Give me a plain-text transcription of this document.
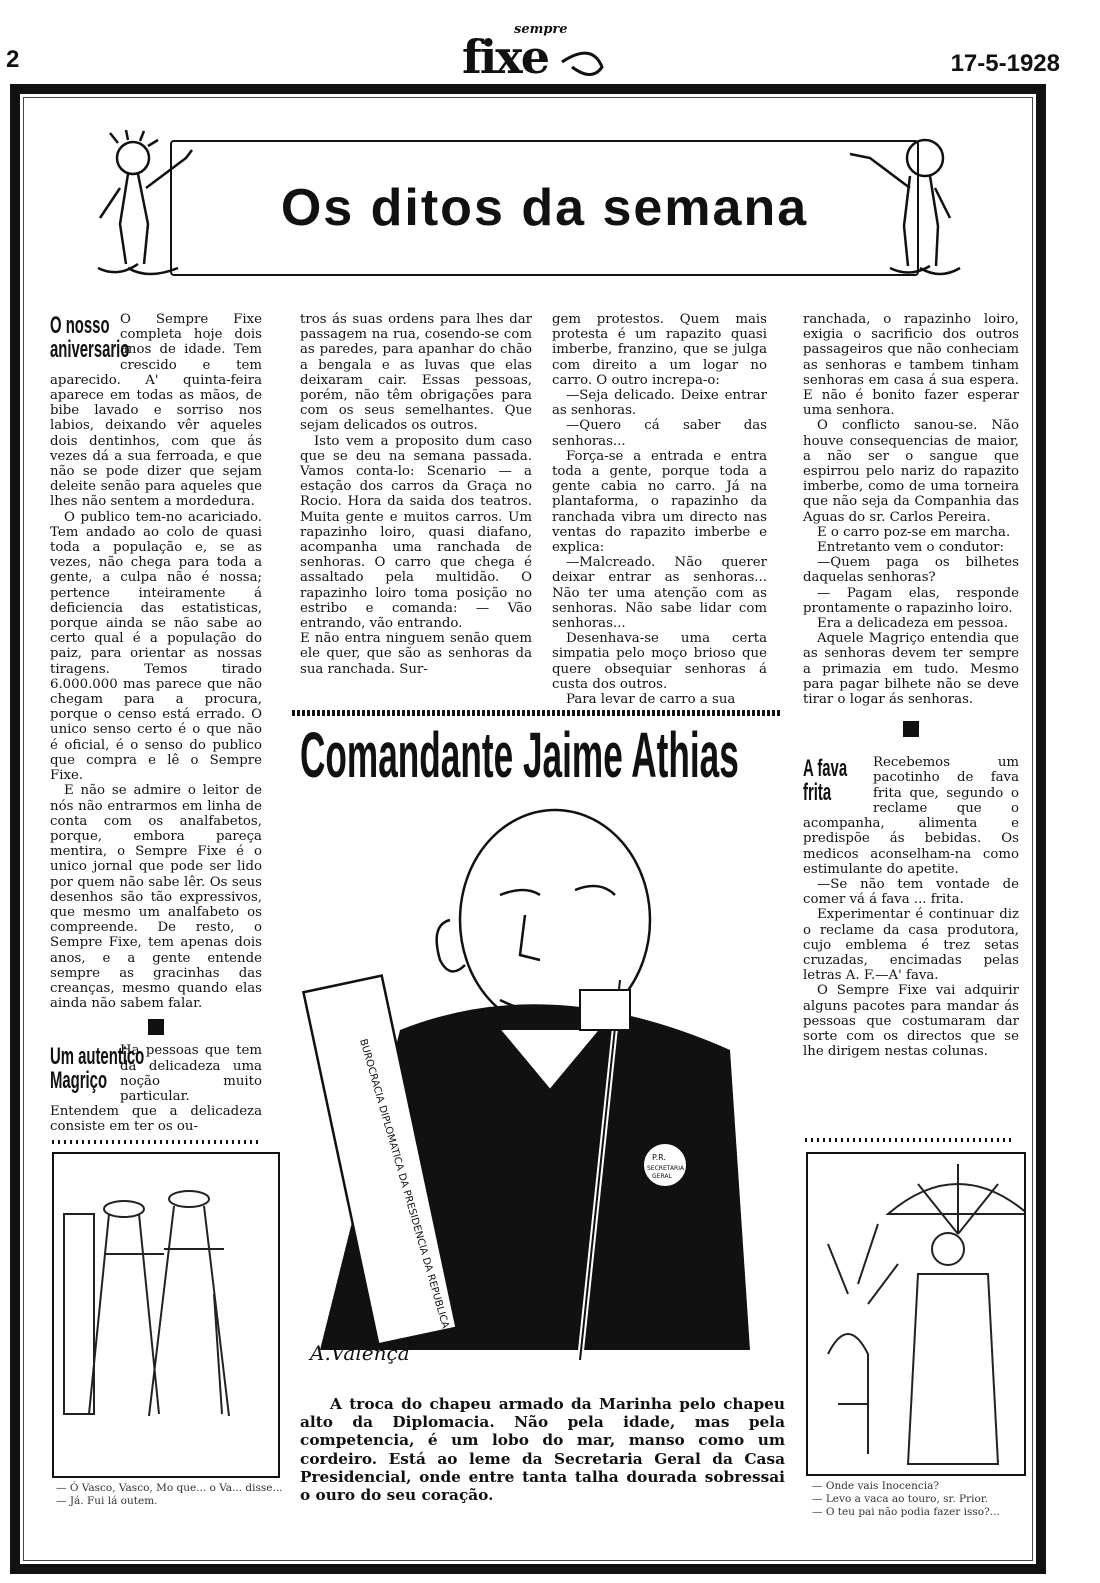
2
sempre
fixe	17-5-1928
Os ditos da semana
O nosso
aniversario

O Sempre Fixe completa hoje dois anos de idade. Tem crescido e tem aparecido. A' quinta-feira aparece em todas as mãos, de bibe lavado e sorriso nos labios, deixando vêr aqueles dois dentinhos, com que ás vezes dá a sua ferroada, e que não se pode dizer que sejam deleite senão para aqueles que lhes não sentem a mordedura.

O publico tem-no acariciado. Tem andado ao colo de quasi toda a população e, se as vezes, não chega para toda a gente, a culpa não é nossa; pertence inteiramente á deficiencia das estatisticas, porque ainda se não sabe ao certo qual é a população do paiz, para orientar as nossas tiragens. Temos tirado 6.000.000 mas parece que não chegam para a procura, porque o censo está errado. O unico senso certo é o que não é oficial, é o senso do publico que compra e lê o Sempre Fixe.

E não se admire o leitor de nós não entrarmos em linha de conta com os analfabetos, porque, embora pareça mentira, o Sempre Fixe é o unico jornal que pode ser lido por quem não sabe lêr. Os seus desenhos são tão expressivos, que mesmo um analfabeto os compreende. De resto, o Sempre Fixe, tem apenas dois anos, e a gente entende sempre as gracinhas das creanças, mesmo quando elas ainda não sabem falar.

Um autentico
Magriço

Ha pessoas que tem da delicadeza uma noção muito particular. Entendem que a delicadeza consiste em ter os ou-

— Ó Vasco, Vasco, Mo que... o Va... disse...
— Já. Fui lá outem.

tros ás suas ordens para lhes dar passagem na rua, cosendo-se com as paredes, para apanhar do chão a bengala e as luvas que elas deixaram cair. Essas pessoas, porém, não têm obrigações para com os seus semelhantes. Que sejam delicados os outros.

Isto vem a proposito dum caso que se deu na semana passada. Vamos conta-lo: Scenario — a estação dos carros da Graça no Rocio. Hora da saida dos teatros. Muita gente e muitos carros. Um rapazinho loiro, quasi diafano, acompanha uma ranchada de senhoras. O carro que chega é assaltado pela multidão. O rapazinho loiro toma posição no estribo e comanda: — Vão entrando, vão entrando.

E não entra ninguem senão quem ele quer, que são as senhoras da sua ranchada. Sur-

gem protestos. Quem mais protesta é um rapazito quasi imberbe, franzino, que se julga com direito a um logar no carro. O outro increpa-o:

—Seja delicado. Deixe entrar as senhoras.

—Quero cá saber das senhoras...

Força-se a entrada e entra toda a gente, porque toda a gente cabia no carro. Já na plantaforma, o rapazinho da ranchada vibra um directo nas ventas do rapazito imberbe e explica:

—Malcreado. Não querer deixar entrar as senhoras... Não ter uma atenção com as senhoras. Não sabe lidar com senhoras...

Desenhava-se uma certa simpatia pelo moço brioso que quere obsequiar senhoras á custa dos outros.

Para levar de carro a sua

ranchada, o rapazinho loiro, exigia o sacrificio dos outros passageiros que não conheciam as senhoras e tambem tinham senhoras em casa á sua espera. E não é bonito fazer esperar uma senhora.

O conflicto sanou-se. Não houve consequencias de maior, a não ser o sangue que espirrou pelo nariz do rapazito imberbe, como de uma torneira que não seja da Companhia das Aguas do sr. Carlos Pereira.

E o carro poz-se em marcha.

Entretanto vem o condutor:

—Quem paga os bilhetes daquelas senhoras?

— Pagam elas, responde prontamente o rapazinho loiro.

Era a delicadeza em pessoa.

Aquele Magriço entendia que as senhoras devem ter sempre a primazia em tudo. Mesmo para pagar bilhete não se deve tirar o logar ás senhoras.

A fava
frita

Recebemos um pacotinho de fava frita que, segundo o reclame que o acompanha, alimenta e predispõe ás bebidas. Os medicos aconselham-na como estimulante do apetite.

—Se não tem vontade de comer vá á fava ... frita.

Experimentar é continuar diz o reclame da casa produtora, cujo emblema é trez setas cruzadas, encimadas pelas letras A. F.—A' fava.

O Sempre Fixe vai adquirir alguns pacotes para mandar ás pessoas que costumaram dar sorte com os directos que se lhe dirigem nestas colunas.

— Onde vais Inocencia?
— Levo a vaca ao touro, sr. Prior.
— O teu pai não podia fazer isso?...
Comandante Jaime Athias
BUROCRACIA DIPLOMATICA DA PRESIDENCIA DA REPUBLICA	P.R.
SECRETARIA
GERAL
A.Valença

A troca do chapeu armado da Marinha pelo chapeu alto da Diplomacia. Não pela idade, mas pela competencia, é um lobo do mar, manso como um cordeiro. Está ao leme da Secretaria Geral da Casa Presidencial, onde entre tanta talha dourada sobressai o ouro do seu coração.
